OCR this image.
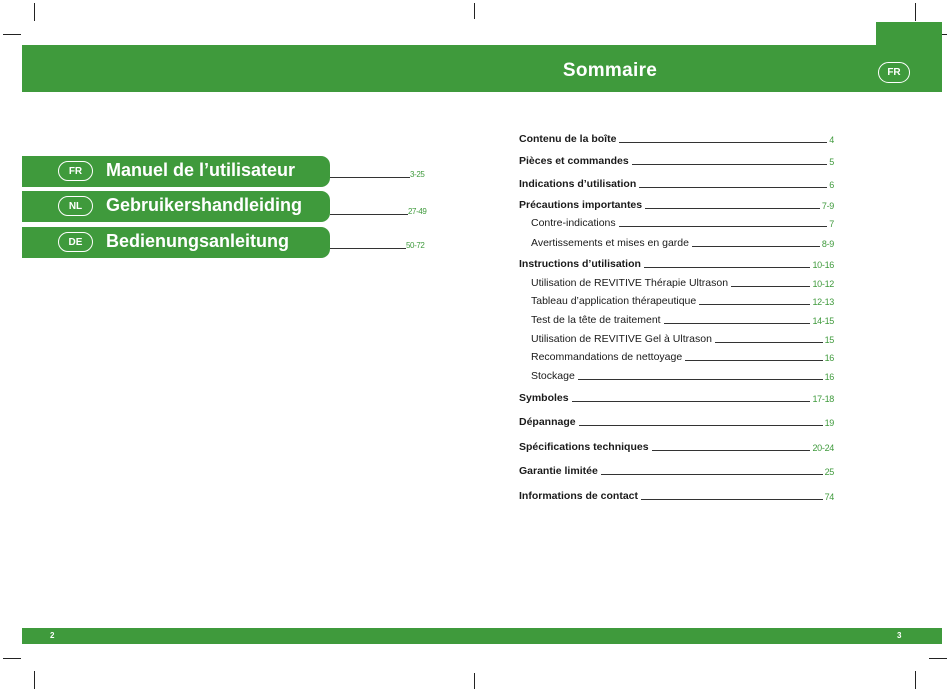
Sommaire	FR
FR	Manuel de l’utilisateur	3-25
NL	Gebruikershandleiding	27-49
DE	Bedienungsanleitung	50-72
Contenu de la boîte	4
Pièces et commandes	5
Indications d’utilisation	6
Précautions importantes	7-9
Contre-indications	7
Avertissements et mises en garde	8-9
Instructions d’utilisation	10-16
Utilisation de REVITIVE Thérapie Ultrason	10-12
Tableau d’application thérapeutique	12-13
Test de la tête de traitement	14-15
Utilisation de REVITIVE Gel à Ultrason	15
Recommandations de nettoyage	16
Stockage	16
Symboles	17-18
Dépannage	19
Spécifications techniques	20-24
Garantie limitée	25
Informations de contact	74
2	3
